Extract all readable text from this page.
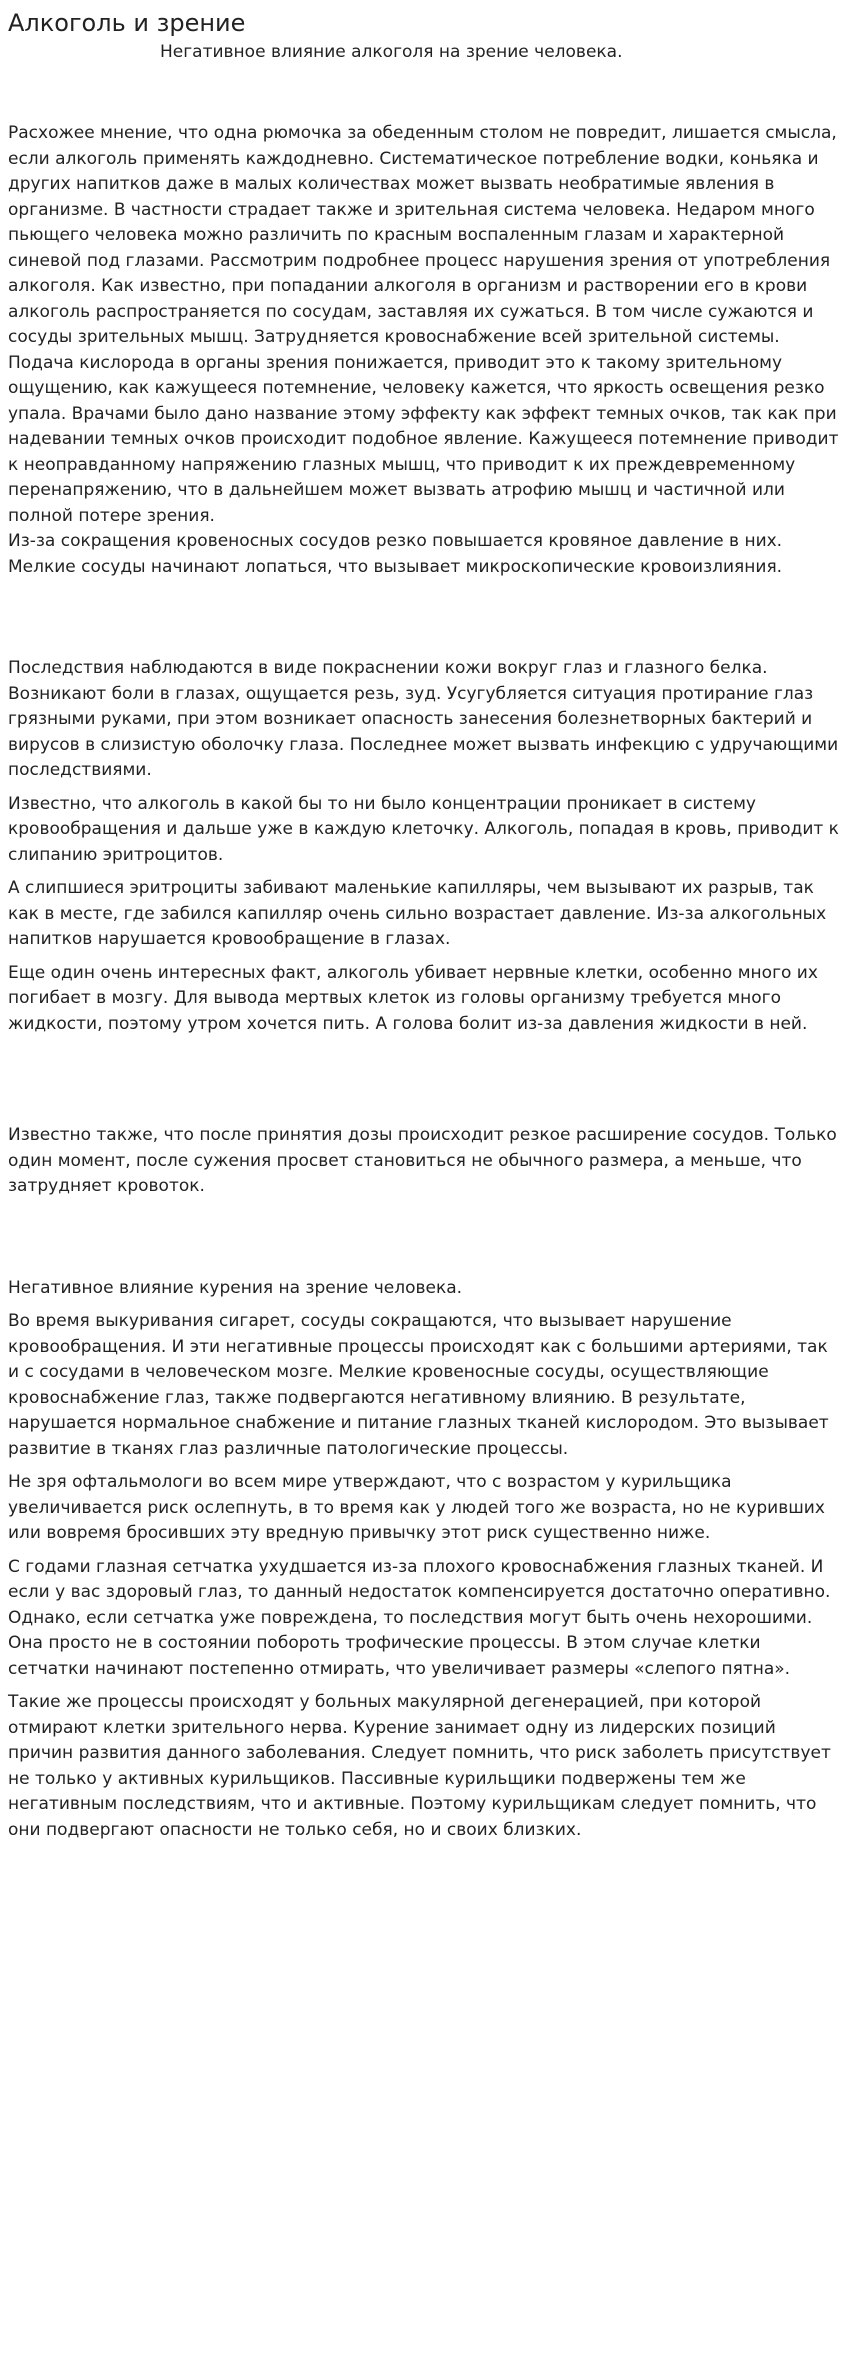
Алкоголь и зрение
Негативное влияние алкоголя на зрение человека.

Расхожее мнение, что одна рюмочка за обеденным столом не повредит, лишается смысла, если алкоголь применять каждодневно. Систематическое потребление водки, коньяка и других напитков даже в малых количествах может вызвать необратимые явления в организме. В частности страдает также и зрительная система человека. Недаром много пьющего человека можно различить по красным воспаленным глазам и характерной синевой под глазами. Рассмотрим подробнее процесс нарушения зрения от употребления алкоголя. Как известно, при попадании алкоголя в организм и растворении его в крови алкоголь распространяется по сосудам, заставляя их сужаться. В том числе сужаются и сосуды зрительных мышц. Затрудняется кровоснабжение всей зрительной системы. Подача кислорода в органы зрения понижается, приводит это к такому зрительному ощущению, как кажущееся потемнение, человеку кажется, что яркость освещения резко упала. Врачами было дано название этому эффекту как эффект темных очков, так как при надевании темных очков происходит подобное явление. Кажущееся потемнение приводит к неоправданному напряжению глазных мышц, что приводит к их преждевременному перенапряжению, что в дальнейшем может вызвать атрофию мышц и частичной или полной потере зрения.

Из-за сокращения кровеносных сосудов резко повышается кровяное давление в них. Мелкие сосуды начинают лопаться, что вызывает микроскопические кровоизлияния.

Последствия наблюдаются в виде покраснении кожи вокруг глаз и глазного белка. Возникают боли в глазах, ощущается резь, зуд. Усугубляется ситуация протирание глаз грязными руками, при этом возникает опасность занесения болезнетворных бактерий и вирусов в слизистую оболочку глаза. Последнее может вызвать инфекцию с удручающими последствиями.

Известно, что алкоголь в какой бы то ни было концентрации проникает в систему кровообращения и дальше уже в каждую клеточку. Алкоголь, попадая в кровь, приводит к слипанию эритроцитов.

А слипшиеся эритроциты забивают маленькие капилляры, чем вызывают их разрыв, так как в месте, где забился капилляр очень сильно возрастает давление. Из-за алкогольных напитков нарушается кровообращение в глазах.

Еще один очень интересных факт, алкоголь убивает нервные клетки, особенно много их погибает в мозгу. Для вывода мертвых клеток из головы организму требуется много жидкости, поэтому утром хочется пить. А голова болит из-за давления жидкости в ней.

Известно также, что после принятия дозы происходит резкое расширение сосудов. Только один момент, после сужения просвет становиться не обычного размера, а меньше, что затрудняет кровоток.

Негативное влияние курения на зрение человека.

Во время выкуривания сигарет, сосуды сокращаются, что вызывает нарушение кровообращения. И эти негативные процессы происходят как с большими артериями, так и с сосудами в человеческом мозге. Мелкие кровеносные сосуды, осуществляющие кровоснабжение глаз, также подвергаются негативному влиянию. В результате, нарушается нормальное снабжение и питание глазных тканей кислородом. Это вызывает развитие в тканях глаз различные патологические процессы.

Не зря офтальмологи во всем мире утверждают, что с возрастом у курильщика увеличивается риск ослепнуть, в то время как у людей того же возраста, но не куривших или вовремя бросивших эту вредную привычку этот риск существенно ниже.

С годами глазная сетчатка ухудшается из-за плохого кровоснабжения глазных тканей. И если у вас здоровый глаз, то данный недостаток компенсируется достаточно оперативно. Однако, если сетчатка уже повреждена, то последствия могут быть очень нехорошими. Она просто не в состоянии побороть трофические процессы. В этом случае клетки сетчатки начинают постепенно отмирать, что увеличивает размеры «слепого пятна».

Такие же процессы происходят у больных макулярной дегенерацией, при которой отмирают клетки зрительного нерва. Курение занимает одну из лидерских позиций причин развития данного заболевания. Следует помнить, что риск заболеть присутствует не только у активных курильщиков. Пассивные курильщики подвержены тем же негативным последствиям, что и активные. Поэтому курильщикам следует помнить, что они подвергают опасности не только себя, но и своих близких.
